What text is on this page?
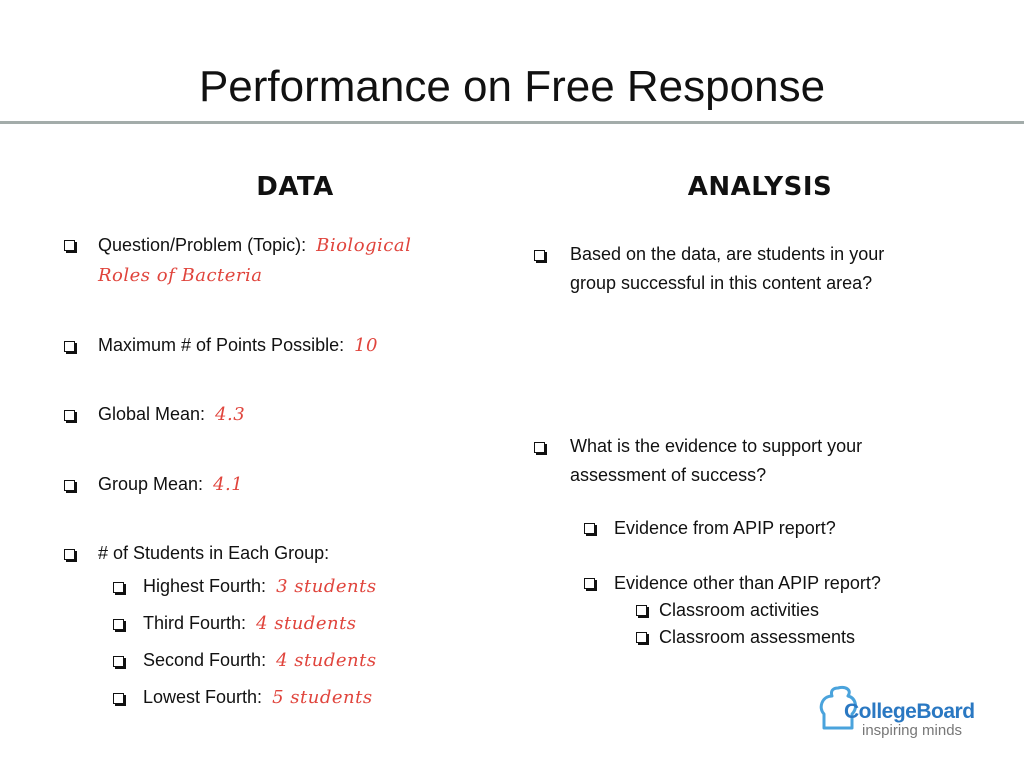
Performance on Free Response
DATA
Question/Problem (Topic): Biological
Roles of Bacteria
Maximum # of Points Possible: 10
Global Mean: 4.3
Group Mean: 4.1
# of Students in Each Group:
Highest Fourth: 3 students
Third Fourth: 4 students
Second Fourth: 4 students
Lowest Fourth: 5 students
ANALYSIS
Based on the data, are students in your
group successful in this content area?
What is the evidence to support your
assessment of success?
Evidence from APIP report?
Evidence other than APIP report?
Classroom activities
Classroom assessments
CollegeBoard
inspiring minds
